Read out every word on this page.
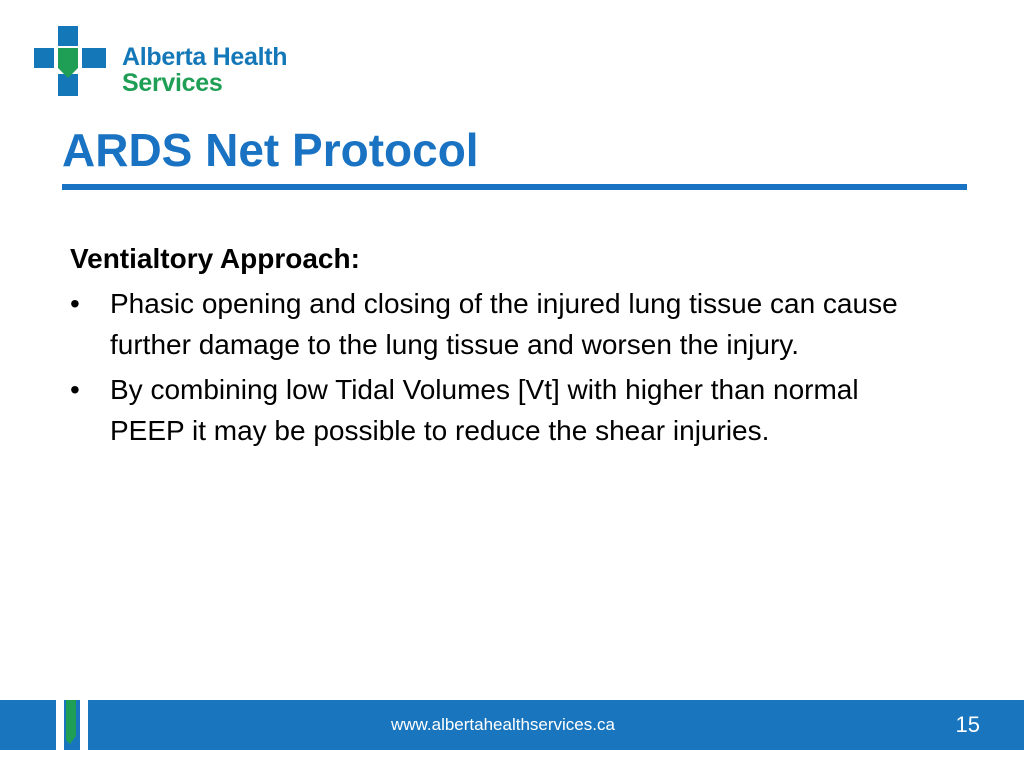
Alberta Health
Services
ARDS Net Protocol

Ventialtory Approach:

• Phasic opening and closing of the injured lung tissue can cause further damage to the lung tissue and worsen the injury.
• By combining low Tidal Volumes [Vt] with higher than normal PEEP it may be possible to reduce the shear injuries.
www.albertahealthservices.ca	15
